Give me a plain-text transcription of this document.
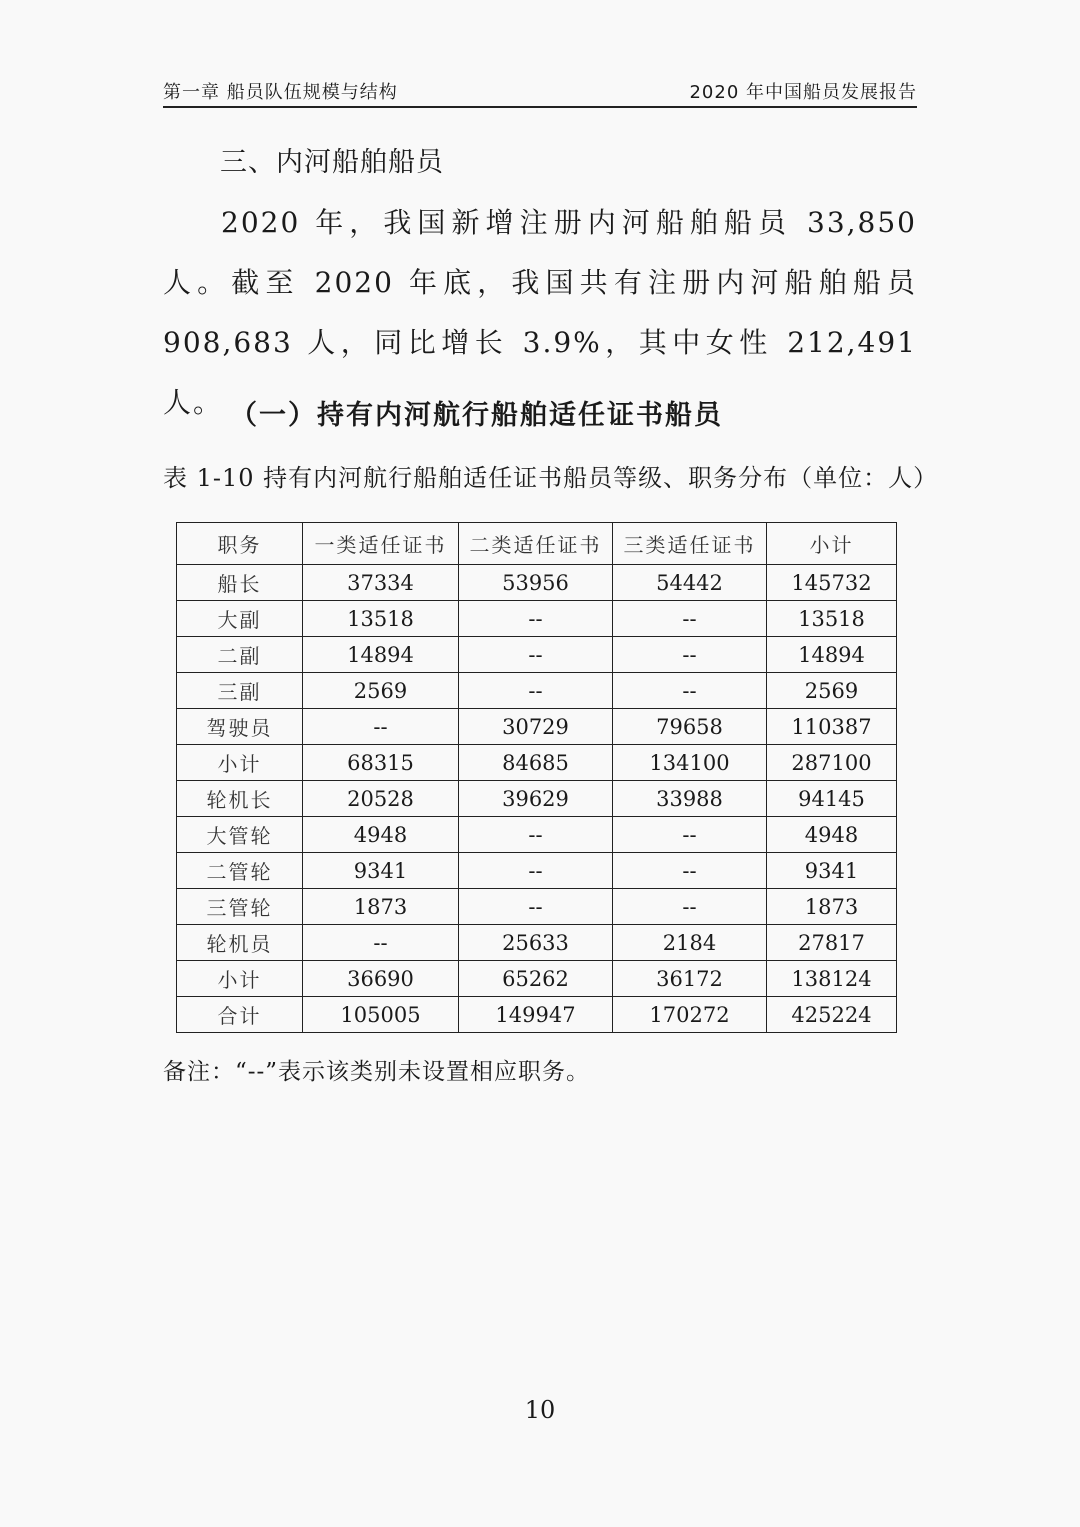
第一章 船员队伍规模与结构	2020 年中国船员发展报告
三、内河船舶船员

2020 年，我国新增注册内河船舶船员 33,850 人。截至 2020 年底，我国共有注册内河船舶船员 908,683 人，同比增长 3.9%，其中女性 212,491 人。 （一）持有内河航行船舶适任证书船员
表 1-10 持有内河航行船舶适任证书船员等级、职务分布（单位：人）
职务	一类适任证书	二类适任证书	三类适任证书	小计
船长	37334	53956	54442	145732
大副	13518	--	--	13518
二副	14894	--	--	14894
三副	2569	--	--	2569
驾驶员	--	30729	79658	110387
小计	68315	84685	134100	287100
轮机长	20528	39629	33988	94145
大管轮	4948	--	--	4948
二管轮	9341	--	--	9341
三管轮	1873	--	--	1873
轮机员	--	25633	2184	27817
小计	36690	65262	36172	138124
合计	105005	149947	170272	425224
备注：“--”表示该类别未设置相应职务。
10
